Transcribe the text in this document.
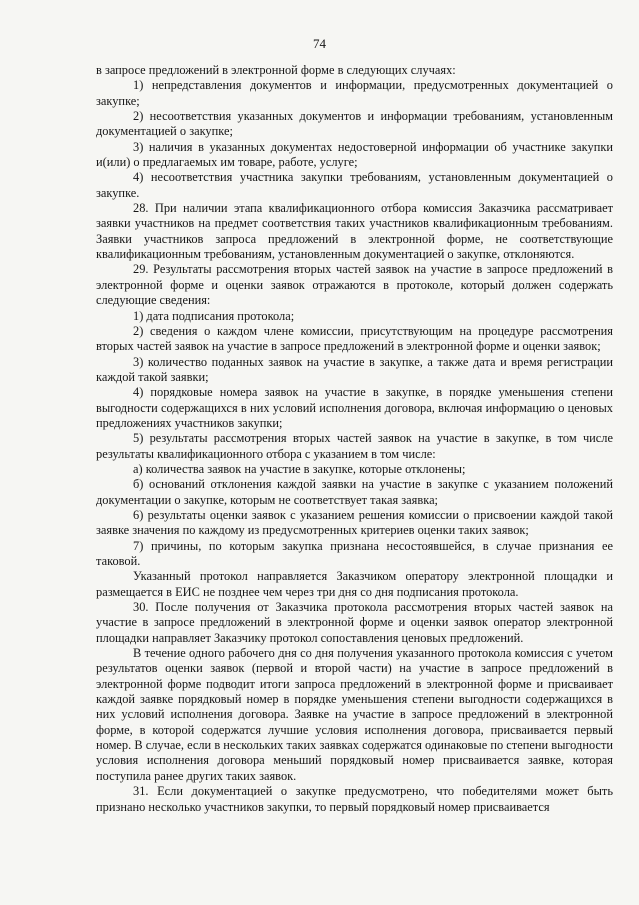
74

в запросе предложений в электронной форме в следующих случаях:

1) непредставления документов и информации, предусмотренных документацией о закупке;

2) несоответствия указанных документов и информации требованиям, установленным документацией о закупке;

3) наличия в указанных документах недостоверной информации об участнике закупки и(или) о предлагаемых им товаре, работе, услуге;

4) несоответствия участника закупки требованиям, установленным документацией о закупке.

28. При наличии этапа квалификационного отбора комиссия Заказчика рассматривает заявки участников на предмет соответствия таких участников квалификационным требованиям. Заявки участников запроса предложений в электронной форме, не соответствующие квалификационным требованиям, установленным документацией о закупке, отклоняются.

29. Результаты рассмотрения вторых частей заявок на участие в запросе предложений в электронной форме и оценки заявок отражаются в протоколе, который должен содержать следующие сведения:

1) дата подписания протокола;

2) сведения о каждом члене комиссии, присутствующим на процедуре рассмотрения вторых частей заявок на участие в запросе предложений в электронной форме и оценки заявок;

3) количество поданных заявок на участие в закупке, а также дата и время регистрации каждой такой заявки;

4) порядковые номера заявок на участие в закупке, в порядке уменьшения степени выгодности содержащихся в них условий исполнения договора, включая информацию о ценовых предложениях участников закупки;

5) результаты рассмотрения вторых частей заявок на участие в закупке, в том числе результаты квалификационного отбора с указанием в том числе:

а) количества заявок на участие в закупке, которые отклонены;

б) оснований отклонения каждой заявки на участие в закупке с указанием положений документации о закупке, которым не соответствует такая заявка;

6) результаты оценки заявок с указанием решения комиссии о присвоении каждой такой заявке значения по каждому из предусмотренных критериев оценки таких заявок;

7) причины, по которым закупка признана несостоявшейся, в случае признания ее таковой.

Указанный протокол направляется Заказчиком оператору электронной площадки и размещается в ЕИС не позднее чем через три дня со дня подписания протокола.

30. После получения от Заказчика протокола рассмотрения вторых частей заявок на участие в запросе предложений в электронной форме и оценки заявок оператор электронной площадки направляет Заказчику протокол сопоставления ценовых предложений.

В течение одного рабочего дня со дня получения указанного протокола комиссия с учетом результатов оценки заявок (первой и второй части) на участие в запросе предложений в электронной форме подводит итоги запроса предложений в электронной форме и присваивает каждой заявке порядковый номер в порядке уменьшения степени выгодности содержащихся в них условий исполнения договора. Заявке на участие в запросе предложений в электронной форме, в которой содержатся лучшие условия исполнения договора, присваивается первый номер. В случае, если в нескольких таких заявках содержатся одинаковые по степени выгодности условия исполнения договора меньший порядковый номер присваивается заявке, которая поступила ранее других таких заявок.

31. Если документацией о закупке предусмотрено, что победителями может быть признано несколько участников закупки, то первый порядковый номер присваивается
